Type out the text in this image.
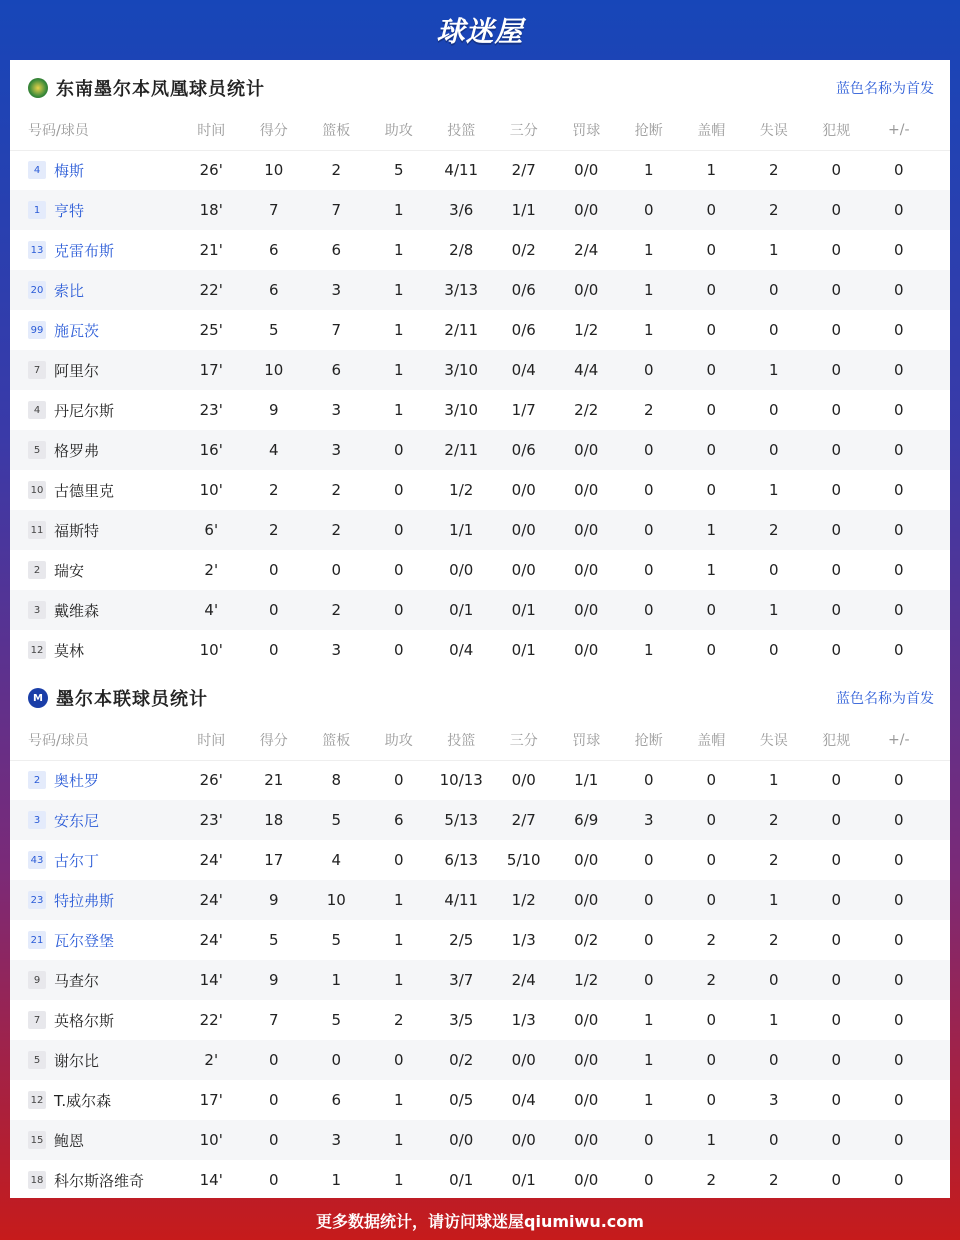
球迷屋
东南墨尔本凤凰球员统计	蓝色名称为首发
号码/球员	时间	得分	篮板	助攻	投篮	三分	罚球	抢断	盖帽	失误	犯规	+/-
4 梅斯	26'	10	2	5	4/11	2/7	0/0	1	1	2	0	0
1 亨特	18'	7	7	1	3/6	1/1	0/0	0	0	2	0	0
13 克雷布斯	21'	6	6	1	2/8	0/2	2/4	1	0	1	0	0
20 索比	22'	6	3	1	3/13	0/6	0/0	1	0	0	0	0
99 施瓦茨	25'	5	7	1	2/11	0/6	1/2	1	0	0	0	0
7 阿里尔	17'	10	6	1	3/10	0/4	4/4	0	0	1	0	0
4 丹尼尔斯	23'	9	3	1	3/10	1/7	2/2	2	0	0	0	0
5 格罗弗	16'	4	3	0	2/11	0/6	0/0	0	0	0	0	0
10 古德里克	10'	2	2	0	1/2	0/0	0/0	0	0	1	0	0
11 福斯特	6'	2	2	0	1/1	0/0	0/0	0	1	2	0	0
2 瑞安	2'	0	0	0	0/0	0/0	0/0	0	1	0	0	0
3 戴维森	4'	0	2	0	0/1	0/1	0/0	0	0	1	0	0
12 莫林	10'	0	3	0	0/4	0/1	0/0	1	0	0	0	0
M 墨尔本联球员统计	蓝色名称为首发
号码/球员	时间	得分	篮板	助攻	投篮	三分	罚球	抢断	盖帽	失误	犯规	+/-
2 奥杜罗	26'	21	8	0	10/13	0/0	1/1	0	0	1	0	0
3 安东尼	23'	18	5	6	5/13	2/7	6/9	3	0	2	0	0
43 古尔丁	24'	17	4	0	6/13	5/10	0/0	0	0	2	0	0
23 特拉弗斯	24'	9	10	1	4/11	1/2	0/0	0	0	1	0	0
21 瓦尔登堡	24'	5	5	1	2/5	1/3	0/2	0	2	2	0	0
9 马查尔	14'	9	1	1	3/7	2/4	1/2	0	2	0	0	0
7 英格尔斯	22'	7	5	2	3/5	1/3	0/0	1	0	1	0	0
5 谢尔比	2'	0	0	0	0/2	0/0	0/0	1	0	0	0	0
12 T.威尔森	17'	0	6	1	0/5	0/4	0/0	1	0	3	0	0
15 鲍恩	10'	0	3	1	0/0	0/0	0/0	0	1	0	0	0
18 科尔斯洛维奇	14'	0	1	1	0/1	0/1	0/0	0	2	2	0	0
更多数据统计，请访问球迷屋qiumiwu.com
